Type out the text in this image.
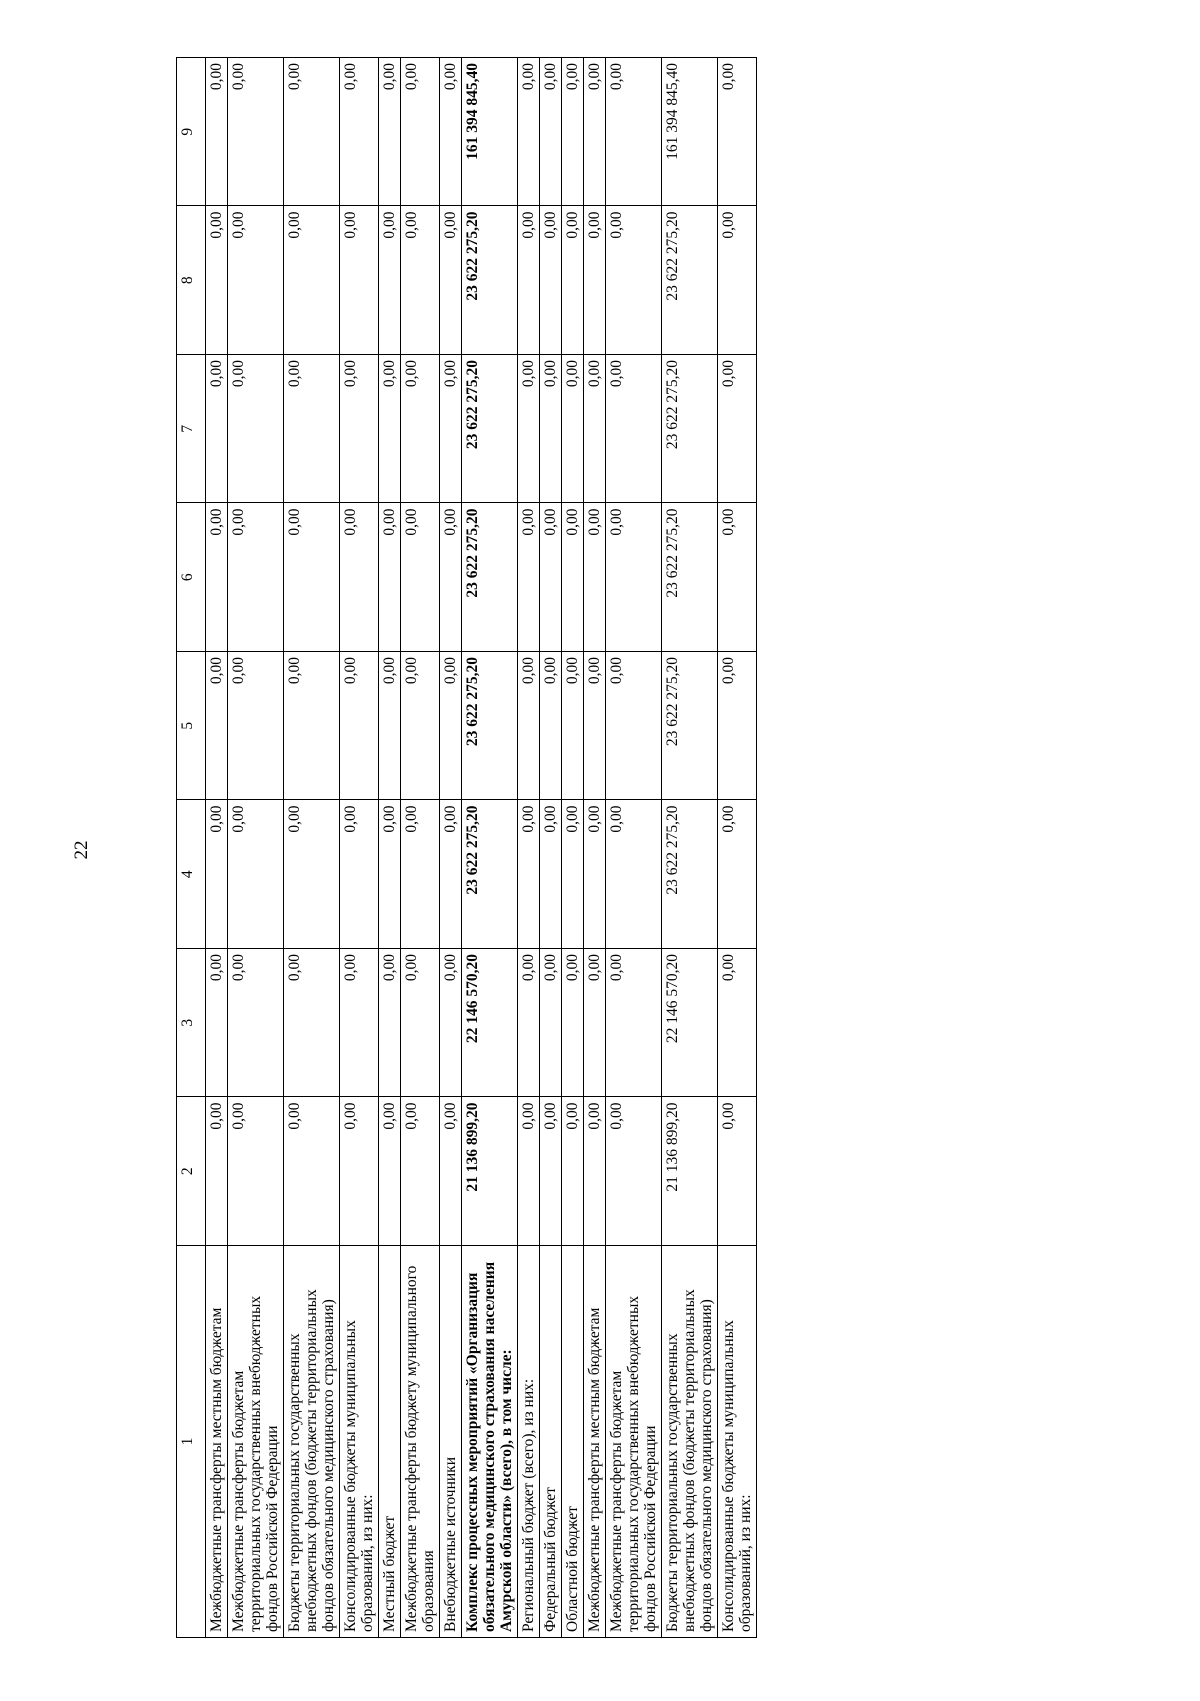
22
1	2	3	4	5	6	7	8	9
Межбюджетные трансферты местным бюджетам	0,00	0,00	0,00	0,00	0,00	0,00	0,00	0,00
Межбюджетные трансферты бюджетам территориальных государственных внебюджетных фондов Российской Федерации	0,00	0,00	0,00	0,00	0,00	0,00	0,00	0,00
Бюджеты территориальных государственных внебюджетных фондов (бюджеты территориальных фондов обязательного медицинского страхования)	0,00	0,00	0,00	0,00	0,00	0,00	0,00	0,00
Консолидированные бюджеты муниципальных образований, из них:	0,00	0,00	0,00	0,00	0,00	0,00	0,00	0,00
Местный бюджет	0,00	0,00	0,00	0,00	0,00	0,00	0,00	0,00
Межбюджетные трансферты бюджету муниципального образования	0,00	0,00	0,00	0,00	0,00	0,00	0,00	0,00
Внебюджетные источники	0,00	0,00	0,00	0,00	0,00	0,00	0,00	0,00
Комплекс процессных мероприятий «Организация обязательного медицинского страхования населения Амурской области» (всего), в том числе:	21 136 899,20	22 146 570,20	23 622 275,20	23 622 275,20	23 622 275,20	23 622 275,20	23 622 275,20	161 394 845,40
Региональный бюджет (всего), из них:	0,00	0,00	0,00	0,00	0,00	0,00	0,00	0,00
Федеральный бюджет	0,00	0,00	0,00	0,00	0,00	0,00	0,00	0,00
Областной бюджет	0,00	0,00	0,00	0,00	0,00	0,00	0,00	0,00
Межбюджетные трансферты местным бюджетам	0,00	0,00	0,00	0,00	0,00	0,00	0,00	0,00
Межбюджетные трансферты бюджетам территориальных государственных внебюджетных фондов Российской Федерации	0,00	0,00	0,00	0,00	0,00	0,00	0,00	0,00
Бюджеты территориальных государственных внебюджетных фондов (бюджеты территориальных фондов обязательного медицинского страхования)	21 136 899,20	22 146 570,20	23 622 275,20	23 622 275,20	23 622 275,20	23 622 275,20	23 622 275,20	161 394 845,40
Консолидированные бюджеты муниципальных образований, из них:	0,00	0,00	0,00	0,00	0,00	0,00	0,00	0,00
